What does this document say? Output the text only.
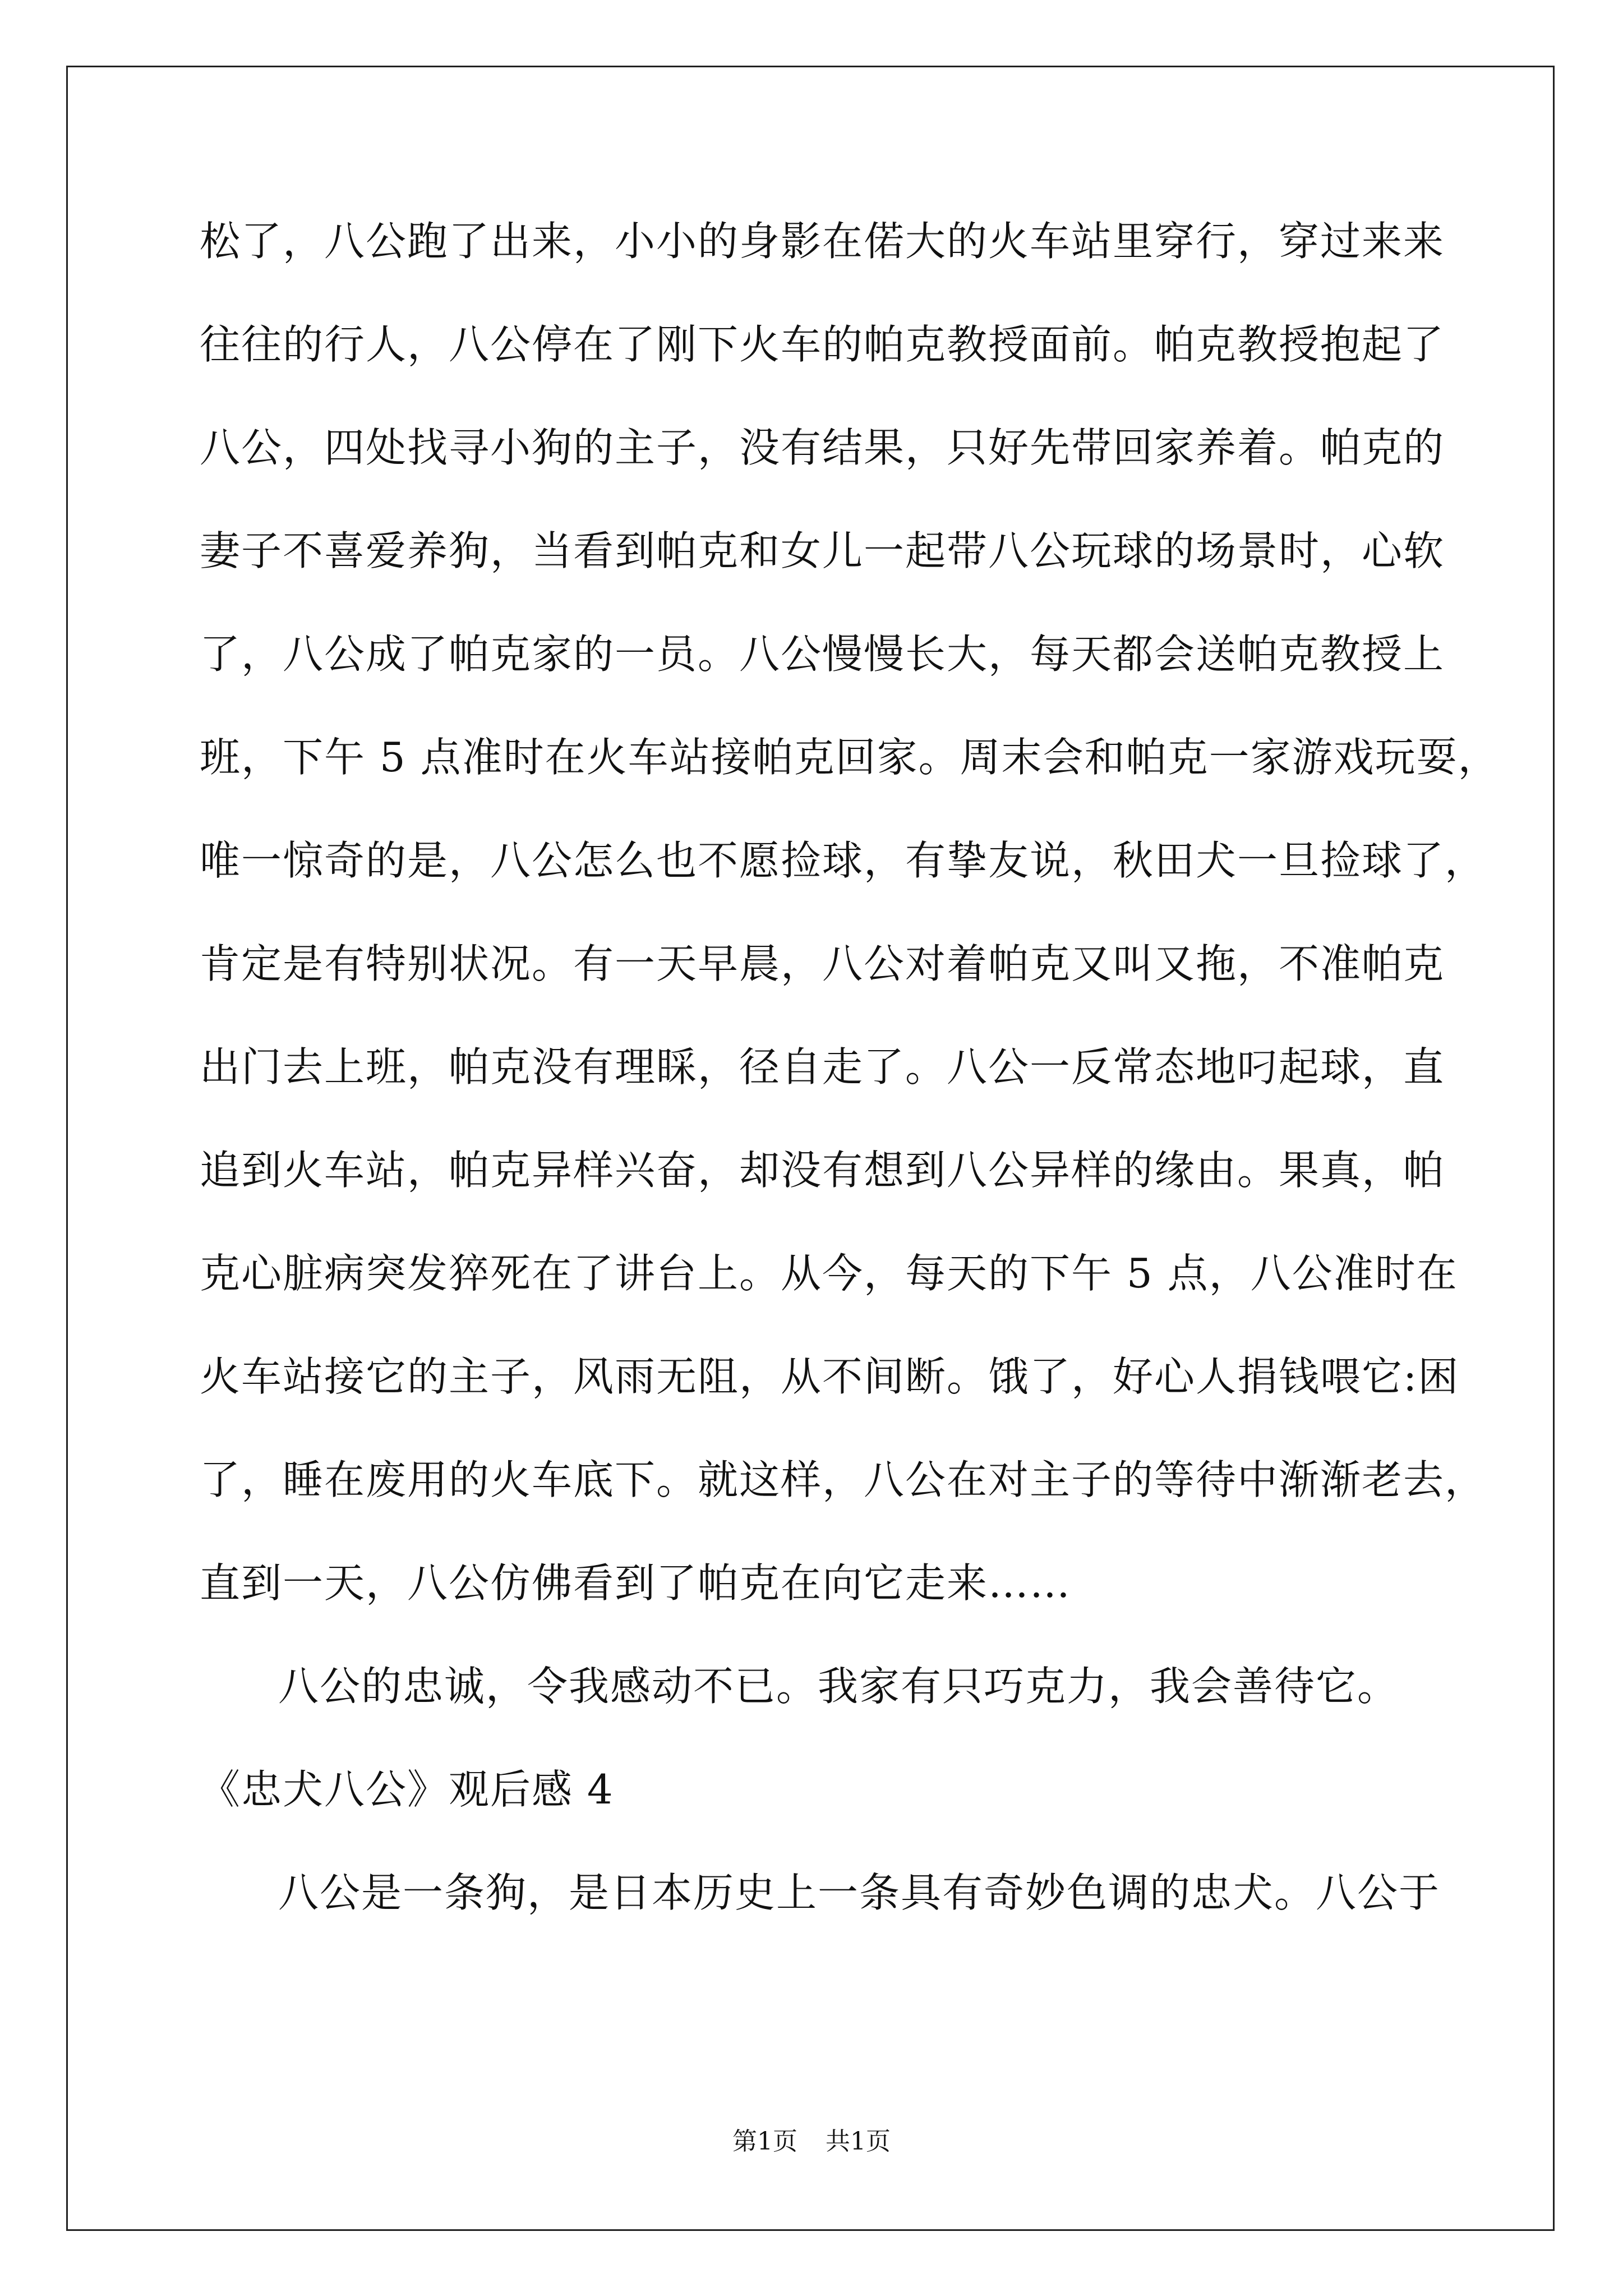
松了，八公跑了出来，小小的身影在偌大的火车站里穿行，穿过来来
往往的行人，八公停在了刚下火车的帕克教授面前。帕克教授抱起了
八公，四处找寻小狗的主子，没有结果，只好先带回家养着。帕克的
妻子不喜爱养狗，当看到帕克和女儿一起带八公玩球的场景时，心软
了，八公成了帕克家的一员。八公慢慢长大，每天都会送帕克教授上
班，下午 5 点准时在火车站接帕克回家。周末会和帕克一家游戏玩耍，
唯一惊奇的是，八公怎么也不愿捡球，有挚友说，秋田犬一旦捡球了，
肯定是有特别状况。有一天早晨，八公对着帕克又叫又拖，不准帕克
出门去上班，帕克没有理睬，径自走了。八公一反常态地叼起球，直
追到火车站，帕克异样兴奋，却没有想到八公异样的缘由。果真，帕
克心脏病突发猝死在了讲台上。从今，每天的下午 5 点，八公准时在
火车站接它的主子，风雨无阻，从不间断。饿了，好心人捐钱喂它:困
了，睡在废用的火车底下。就这样，八公在对主子的等待中渐渐老去，
直到一天，八公仿佛看到了帕克在向它走来……
八公的忠诚，令我感动不已。我家有只巧克力，我会善待它。
《忠犬八公》观后感 4
八公是一条狗，是日本历史上一条具有奇妙色调的忠犬。八公于
第1页 共1页
